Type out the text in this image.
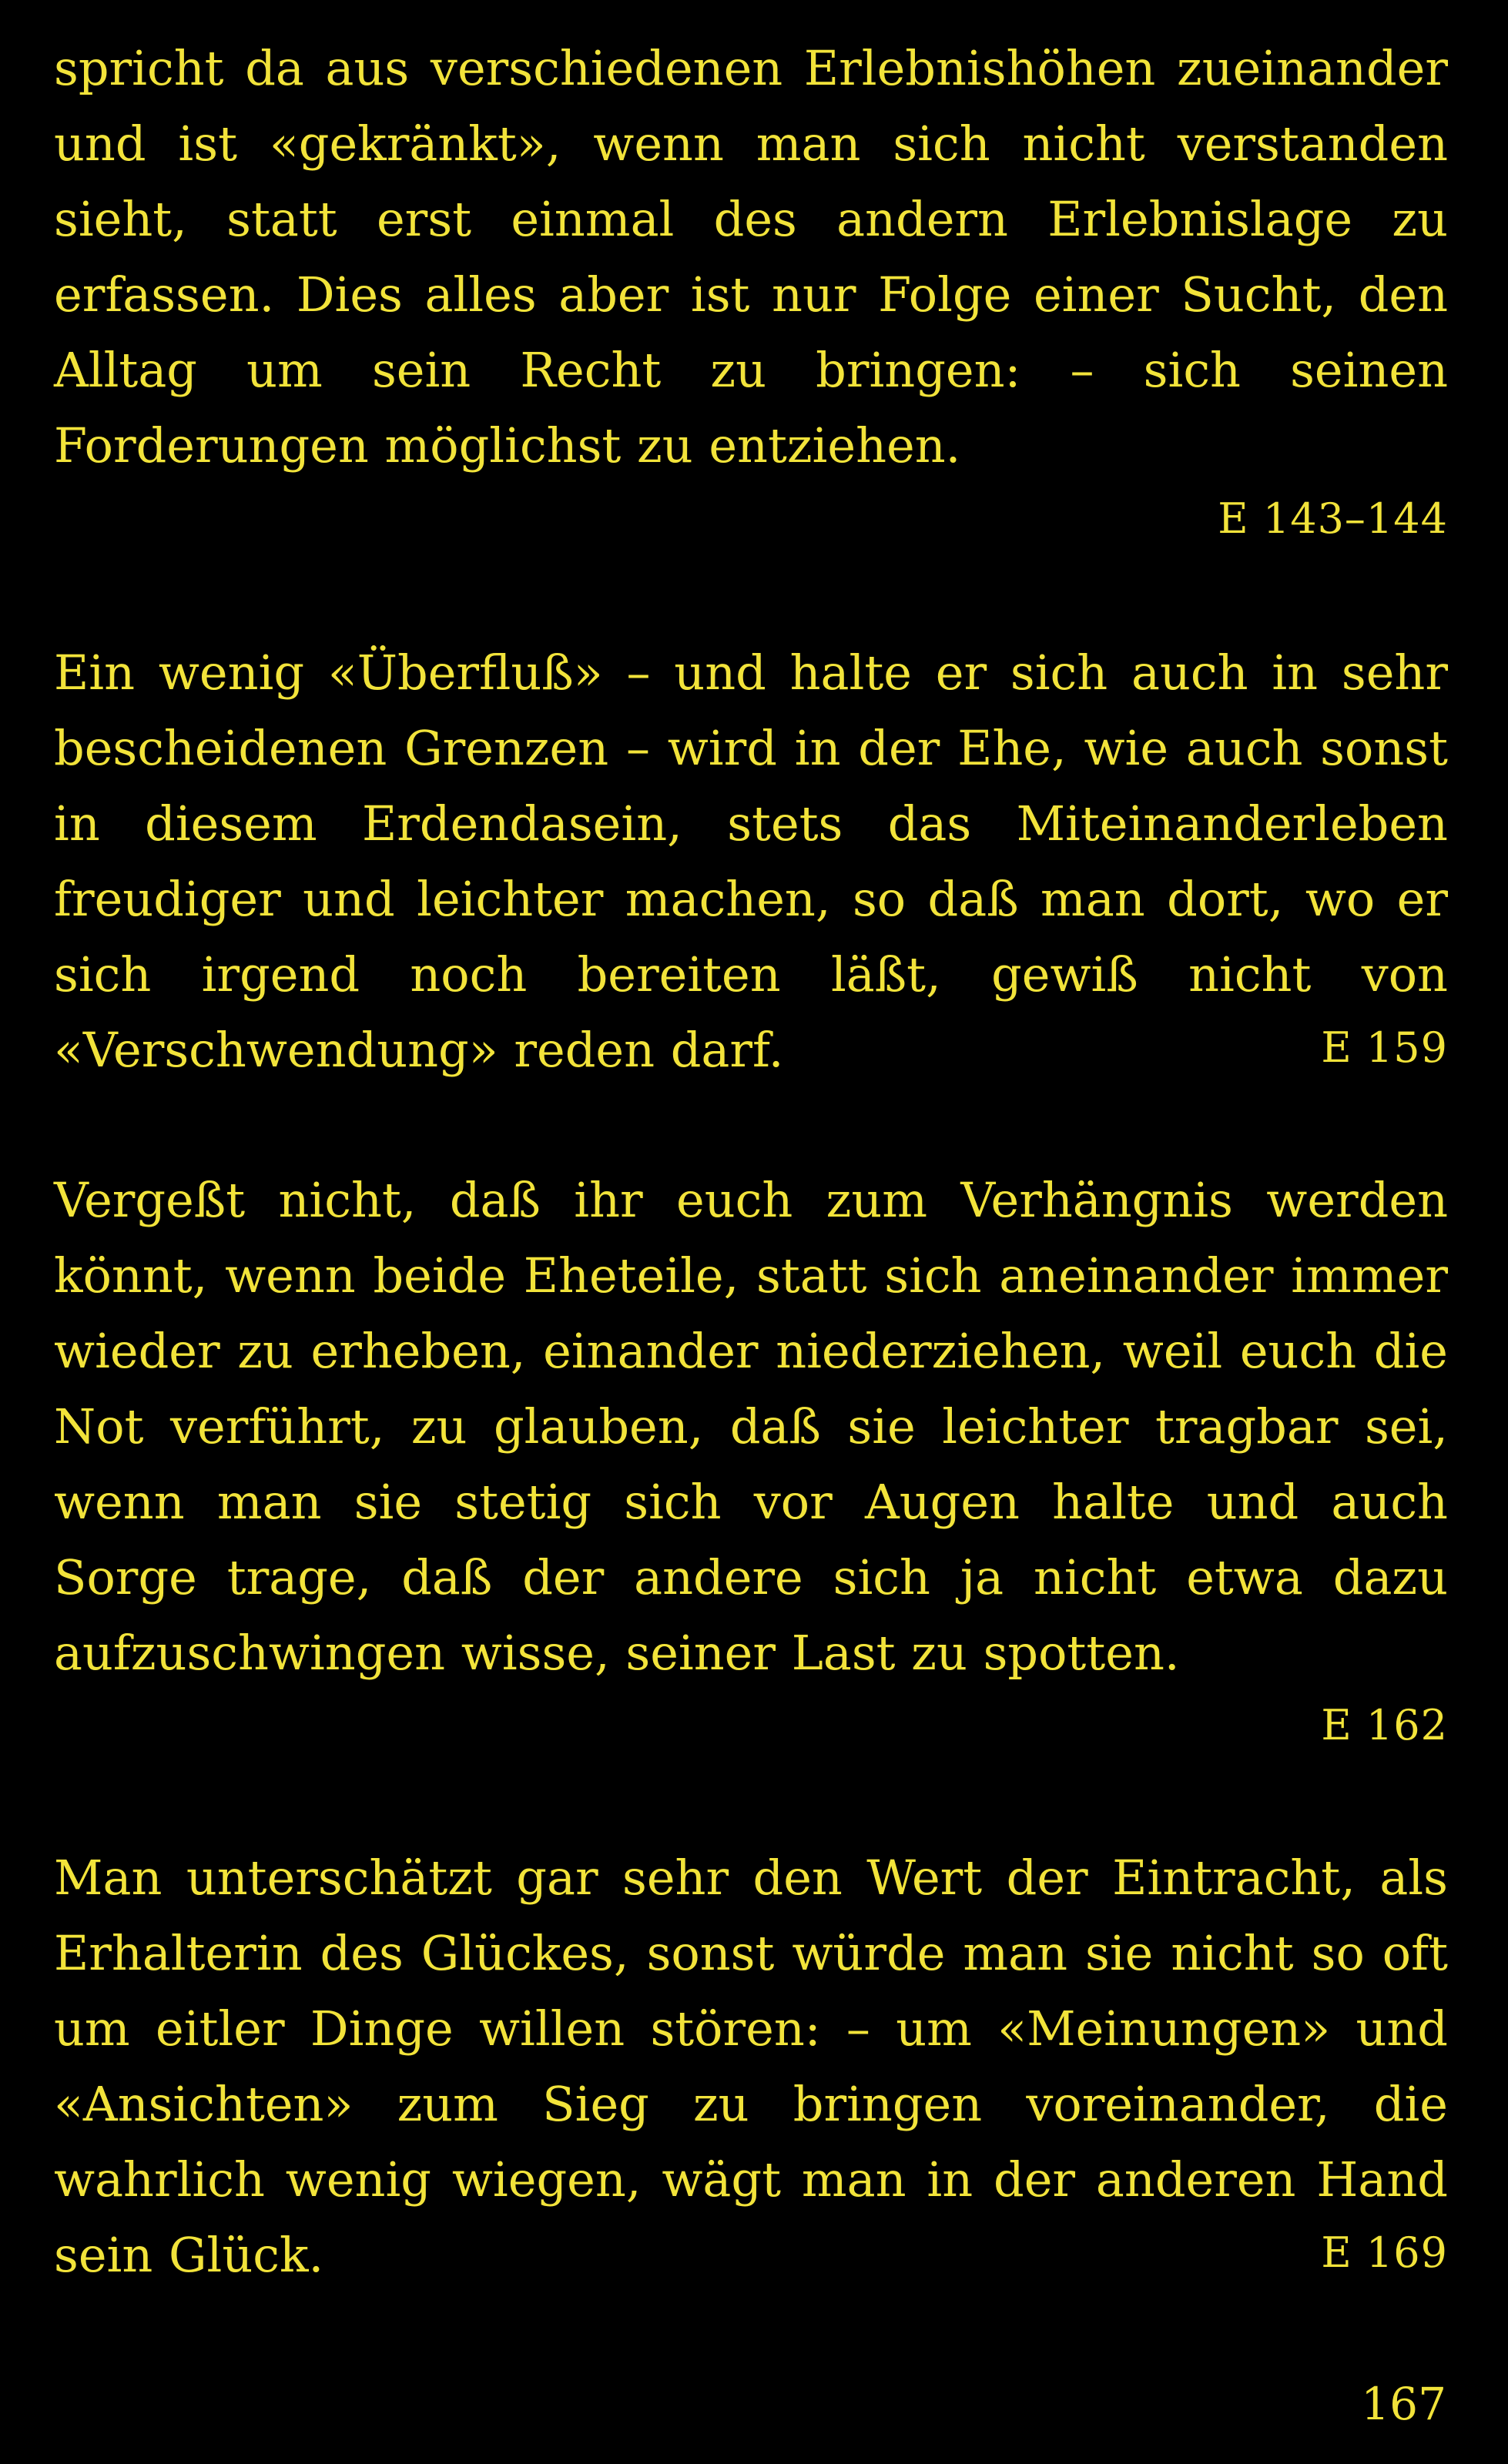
spricht da aus verschiedenen Erlebnishöhen zueinander und ist «gekränkt», wenn man sich nicht verstanden sieht, statt erst einmal des andern Erlebnislage zu erfassen. Dies alles aber ist nur Folge einer Sucht, den Alltag um sein Recht zu bringen: – sich seinen Forderungen möglichst zu entziehen.

E 143–144

Ein wenig «Überfluß» – und halte er sich auch in sehr bescheidenen Grenzen – wird in der Ehe, wie auch sonst in diesem Erdendasein, stets das Miteinanderleben freudiger und leichter machen, so daß man dort, wo er sich irgend noch bereiten läßt, gewiß nicht von «Verschwendung» reden darf.	E 159

Vergeßt nicht, daß ihr euch zum Verhängnis werden könnt, wenn beide Eheteile, statt sich aneinander immer wieder zu erheben, einander niederziehen, weil euch die Not verführt, zu glauben, daß sie leichter tragbar sei, wenn man sie stetig sich vor Augen halte und auch Sorge trage, daß der andere sich ja nicht etwa dazu aufzuschwingen wisse, seiner Last zu spotten.

E 162

Man unterschätzt gar sehr den Wert der Eintracht, als Erhalterin des Glückes, sonst würde man sie nicht so oft um eitler Dinge willen stören: – um «Meinungen» und «Ansichten» zum Sieg zu bringen voreinander, die wahrlich wenig wiegen, wägt man in der anderen Hand sein Glück.	E 169
167
